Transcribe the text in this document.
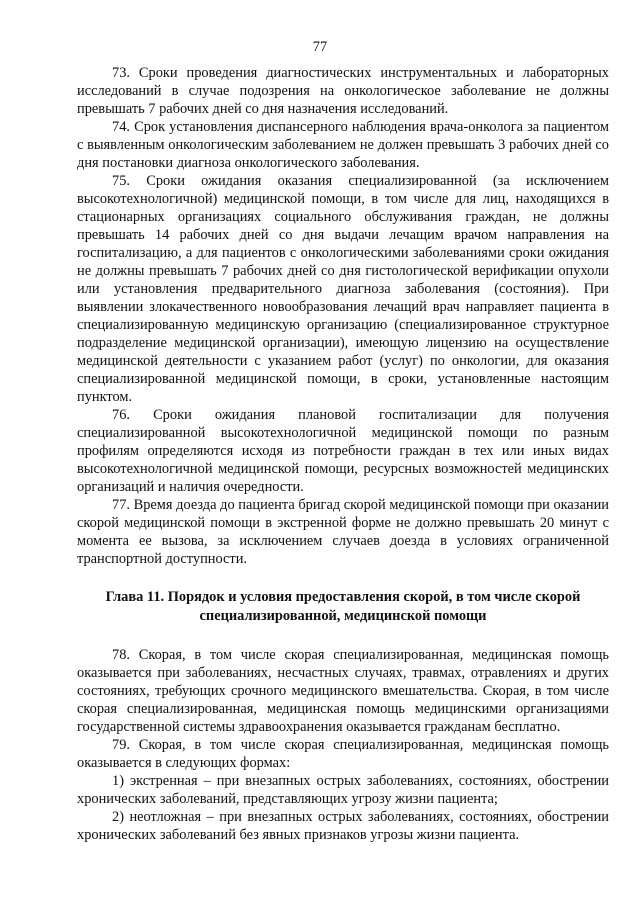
77

73. Сроки проведения диагностических инструментальных и лабораторных исследований в случае подозрения на онкологическое заболевание не должны превышать 7 рабочих дней со дня назначения исследований.

74. Срок установления диспансерного наблюдения врача-онколога за пациентом с выявленным онкологическим заболеванием не должен превышать 3 рабочих дней со дня постановки диагноза онкологического заболевания.

75. Сроки ожидания оказания специализированной (за исключением высокотехнологичной) медицинской помощи, в том числе для лиц, находящихся в стационарных организациях социального обслуживания граждан, не должны превышать 14 рабочих дней со дня выдачи лечащим врачом направления на госпитализацию, а для пациентов с онкологическими заболеваниями сроки ожидания не должны превышать 7 рабочих дней со дня гистологической верификации опухоли или установления предварительного диагноза заболевания (состояния). При выявлении злокачественного новообразования лечащий врач направляет пациента в специализированную медицинскую организацию (специализированное структурное подразделение медицинской организации), имеющую лицензию на осуществление медицинской деятельности с указанием работ (услуг) по онкологии, для оказания специализированной медицинской помощи, в сроки, установленные настоящим пунктом.

76. Сроки ожидания плановой госпитализации для получения специализированной высокотехнологичной медицинской помощи по разным профилям определяются исходя из потребности граждан в тех или иных видах высокотехнологичной медицинской помощи, ресурсных возможностей медицинских организаций и наличия очередности.

77. Время доезда до пациента бригад скорой медицинской помощи при оказании скорой медицинской помощи в экстренной форме не должно превышать 20 минут с момента ее вызова, за исключением случаев доезда в условиях ограниченной транспортной доступности.

Глава 11. Порядок и условия предоставления скорой, в том числе скорой

специализированной, медицинской помощи

78. Скорая, в том числе скорая специализированная, медицинская помощь оказывается при заболеваниях, несчастных случаях, травмах, отравлениях и других состояниях, требующих срочного медицинского вмешательства. Скорая, в том числе скорая специализированная, медицинская помощь медицинскими организациями государственной системы здравоохранения оказывается гражданам бесплатно.

79. Скорая, в том числе скорая специализированная, медицинская помощь оказывается в следующих формах:

1) экстренная – при внезапных острых заболеваниях, состояниях, обострении хронических заболеваний, представляющих угрозу жизни пациента;

2) неотложная – при внезапных острых заболеваниях, состояниях, обострении хронических заболеваний без явных признаков угрозы жизни пациента.
